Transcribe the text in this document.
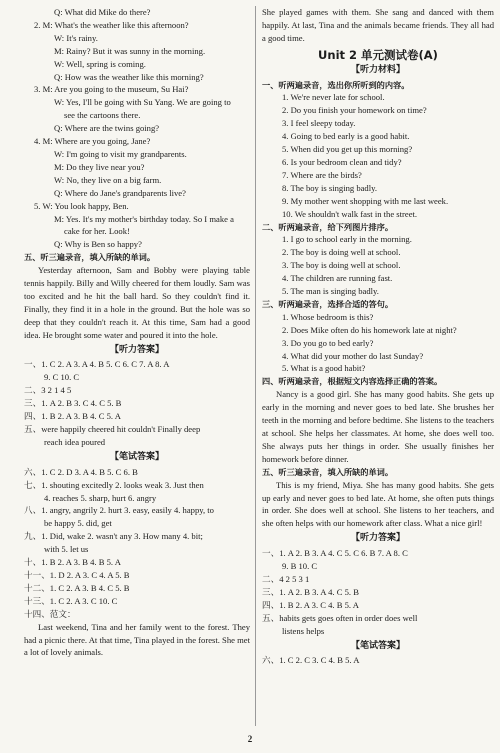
Q: What did Mike do there?
2. M: What's the weather like this afternoon?
W: It's rainy.
M: Rainy? But it was sunny in the morning.
W: Well, spring is coming.
Q: How was the weather like this morning?
3. M: Are you going to the museum, Su Hai?
W: Yes, I'll be going with Su Yang. We are going to
see the cartoons there.
Q: Where are the twins going?
4. M: Where are you going, Jane?
W: I'm going to visit my grandparents.
M: Do they live near you?
W: No, they live on a big farm.
Q: Where do Jane's grandparents live?
5. W: You look happy, Ben.
M: Yes. It's my mother's birthday today. So I make a
cake for her. Look!
Q: Why is Ben so happy?
五、听三遍录音，填入所缺的单词。
Yesterday afternoon, Sam and Bobby were playing table tennis happily. Billy and Willy cheered for them loudly. Sam was too excited and he hit the ball hard. So they couldn't find it. Finally, they find it in a hole in the ground. But the hole was so deep that they couldn't reach it. At this time, Sam had a good idea. He brought some water and poured it into the hole.
【听力答案】
一、1. C 2. A 3. A 4. B 5. C 6. C 7. A 8. A
9. C 10. C
二、3 2 1 4 5
三、1. A 2. B 3. C 4. C 5. B
四、1. B 2. A 3. B 4. C 5. A
五、were happily cheered hit couldn't Finally deep
reach idea poured
【笔试答案】
六、1. C 2. D 3. A 4. B 5. C 6. B
七、1. shouting excitedly 2. looks weak 3. Just then
4. reaches 5. sharp, hurt 6. angry
八、1. angry, angrily 2. hurt 3. easy, easily 4. happy, to
be happy 5. did, get
九、1. Did, wake 2. wasn't any 3. How many 4. bit;
with 5. let us
十、1. B 2. A 3. B 4. B 5. A
十一、1. D 2. A 3. C 4. A 5. B
十二、1. C 2. A 3. B 4. C 5. B
十三、1. C 2. A 3. C 10. C
十四、范文：
Last weekend, Tina and her family went to the forest. They had a picnic there. At that time, Tina played in the forest. She met a lot of lovely animals.
She played games with them. She sang and danced with them happily. At last, Tina and the animals became friends. They all had a good time.
Unit 2 单元测试卷(A)
【听力材料】
一、听两遍录音，选出你所听到的内容。
1. We're never late for school.
2. Do you finish your homework on time?
3. I feel sleepy today.
4. Going to bed early is a good habit.
5. When did you get up this morning?
6. Is your bedroom clean and tidy?
7. Where are the birds?
8. The boy is singing badly.
9. My mother went shopping with me last week.
10. We shouldn't walk fast in the street.
二、听两遍录音，给下列图片排序。
1. I go to school early in the morning.
2. The boy is doing well at school.
3. The boy is doing well at school.
4. The children are running fast.
5. The man is singing badly.
三、听两遍录音，选择合适的答句。
1. Whose bedroom is this?
2. Does Mike often do his homework late at night?
3. Do you go to bed early?
4. What did your mother do last Sunday?
5. What is a good habit?
四、听两遍录音，根据短文内容选择正确的答案。
Nancy is a good girl. She has many good habits. She gets up early in the morning and never goes to bed late. She brushes her teeth in the morning and before bedtime. She listens to the teachers at school. She helps her classmates. At home, she does well too. She always puts her things in order. She usually finishes her homework before dinner.
五、听三遍录音，填入所缺的单词。
This is my friend, Miya. She has many good habits. She gets up early and never goes to bed late. At home, she often puts things in order. She does well at school. She listens to her teachers, and she often helps with our homework after class. What a nice girl!
【听力答案】
一、1. A 2. B 3. A 4. C 5. C 6. B 7. A 8. C
9. B 10. C
二、4 2 5 3 1
三、1. A 2. B 3. A 4. C 5. B
四、1. B 2. A 3. C 4. B 5. A
五、habits gets goes often in order does well
listens helps
【笔试答案】
六、1. C 2. C 3. C 4. B 5. A
2
